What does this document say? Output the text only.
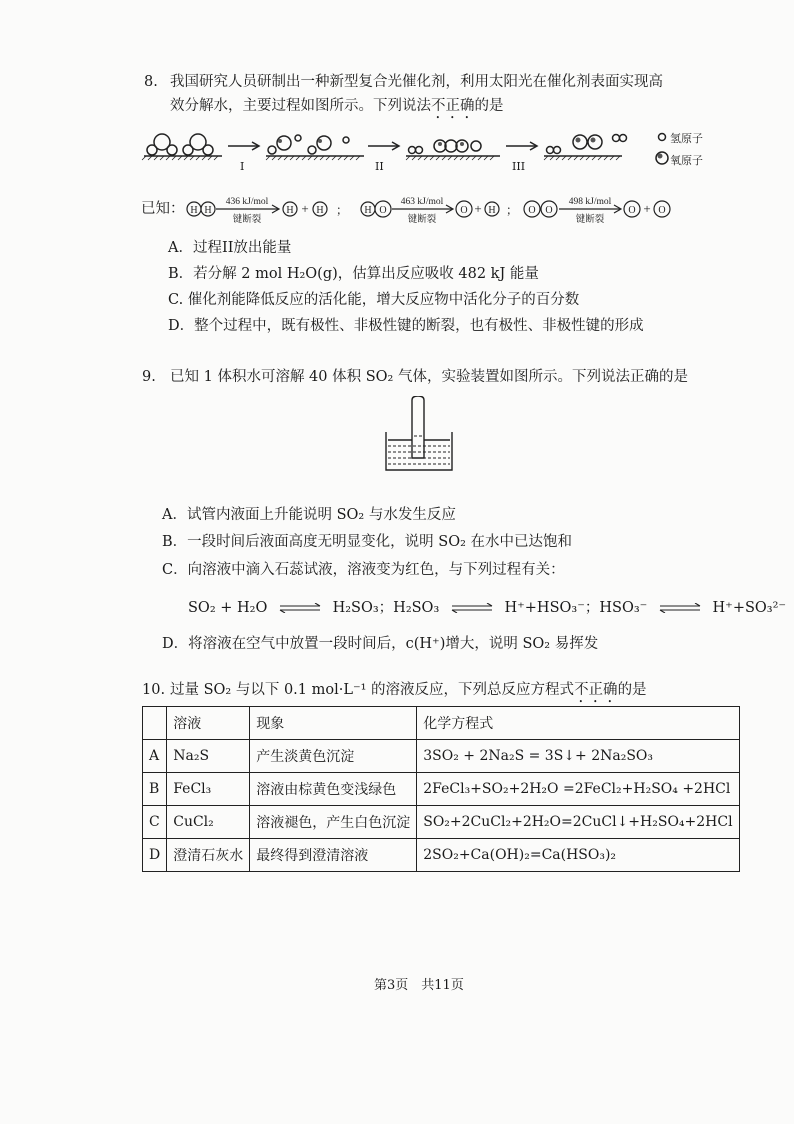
8. 我国研究人员研制出一种新型复合光催化剂，利用太阳光在催化剂表面实现高
效分解水，主要过程如图所示。下列说法不正确的是
I	II	III
氢原子
氧原子
已知： H H	H H	H O	O H	O O	O O
+	+	+
；	；
436 kJ/mol	463 kJ/mol	498 kJ/mol
键断裂	键断裂	键断裂
A．过程II放出能量
B．若分解 2 mol H₂O(g)，估算出反应吸收 482 kJ 能量
C. 催化剂能降低反应的活化能，增大反应物中活化分子的百分数
D．整个过程中，既有极性、非极性键的断裂，也有极性、非极性键的形成
9. 已知 1 体积水可溶解 40 体积 SO₂ 气体，实验装置如图所示。下列说法正确的是
A．试管内液面上升能说明 SO₂ 与水发生反应
B．一段时间后液面高度无明显变化，说明 SO₂ 在水中已达饱和
C．向溶液中滴入石蕊试液，溶液变为红色，与下列过程有关：
SO₂ + H₂O ⇌ H₂SO₃；H₂SO₃ ⇌ H⁺+HSO₃⁻；HSO₃⁻ ⇌ H⁺+SO₃²⁻
D．将溶液在空气中放置一段时间后，c(H⁺)增大，说明 SO₂ 易挥发
10. 过量 SO₂ 与以下 0.1 mol·L⁻¹ 的溶液反应，下列总反应方程式不正确的是
	溶液	现象	化学方程式
A	Na₂S	产生淡黄色沉淀	3SO₂ + 2Na₂S = 3S↓+ 2Na₂SO₃
B	FeCl₃	溶液由棕黄色变浅绿色	2FeCl₃+SO₂+2H₂O =2FeCl₂+H₂SO₄ +2HCl
C	CuCl₂	溶液褪色，产生白色沉淀	SO₂+2CuCl₂+2H₂O=2CuCl↓+H₂SO₄+2HCl
D	澄清石灰水	最终得到澄清溶液	2SO₂+Ca(OH)₂=Ca(HSO₃)₂
第3页　共11页
